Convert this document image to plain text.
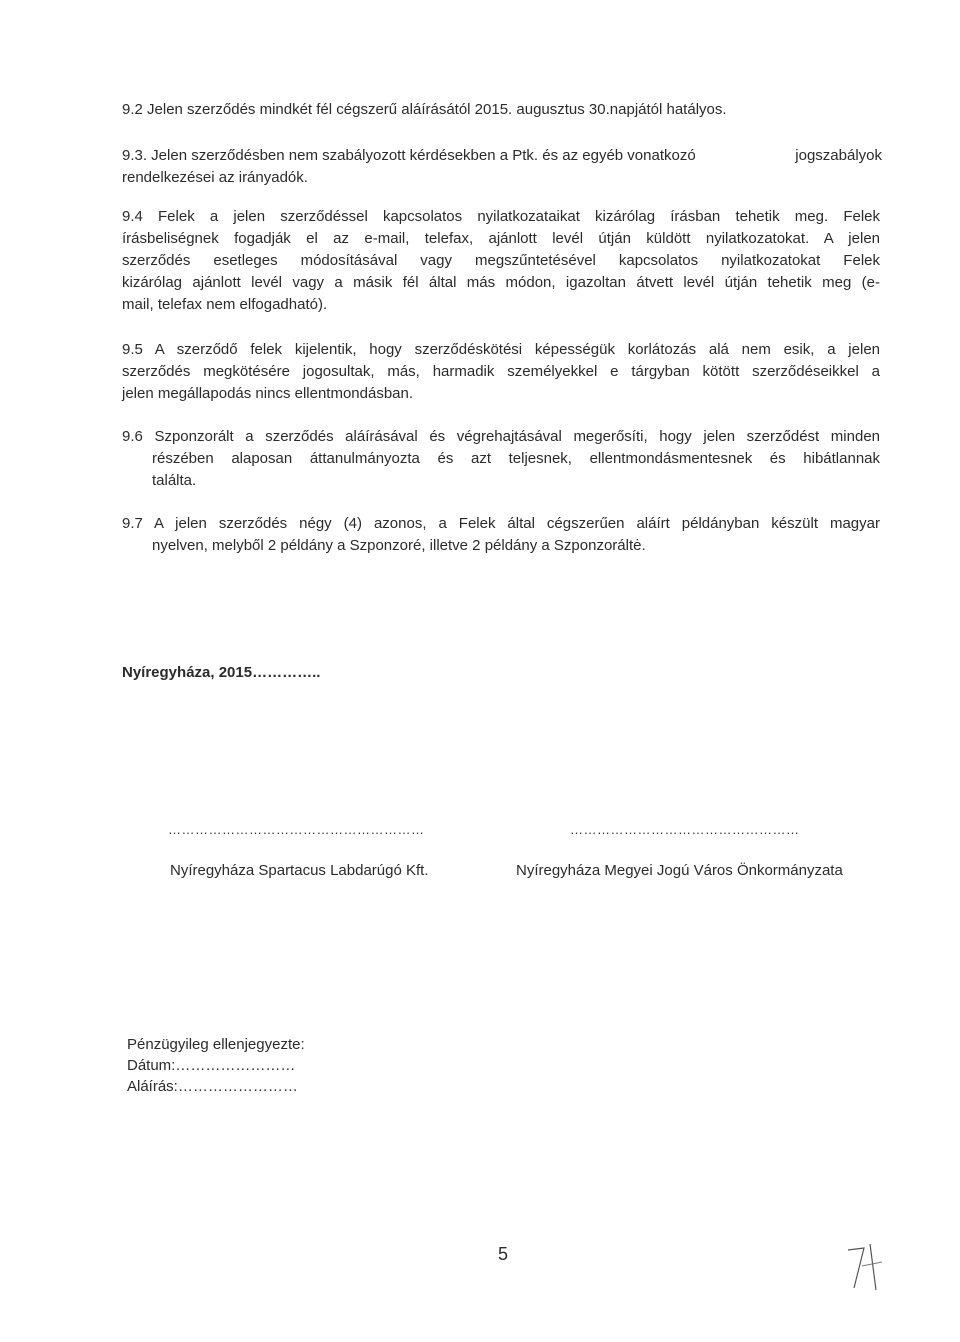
9.2 Jelen szerződés mindkét fél cégszerű aláírásától 2015. augusztus 30.napjától hatályos.
9.3. Jelen szerződésben nem szabályozott kérdésekben a Ptk. és az egyéb vonatkozó	jogszabályok
rendelkezései az irányadók.
9.4 Felek a jelen szerződéssel kapcsolatos nyilatkozataikat kizárólag írásban tehetik meg. Felek
írásbeliségnek fogadják el az e-mail, telefax, ajánlott levél útján küldött nyilatkozatokat. A jelen
szerződés esetleges módosításával vagy megszűntetésével kapcsolatos nyilatkozatokat Felek
kizárólag ajánlott levél vagy a másik fél által más módon, igazoltan átvett levél útján tehetik meg (e-
mail, telefax nem elfogadható).
9.5 A szerződő felek kijelentik, hogy szerződéskötési képességük korlátozás alá nem esik, a jelen
szerződés megkötésére jogosultak, más, harmadik személyekkel e tárgyban kötött szerződéseikkel a
jelen megállapodás nincs ellentmondásban.
9.6 Szponzorált a szerződés aláírásával és végrehajtásával megerősíti, hogy jelen szerződést minden
részében alaposan áttanulmányozta és azt teljesnek, ellentmondásmentesnek és hibátlannak
találta.
9.7 A jelen szerződés négy (4) azonos, a Felek által cégszerűen aláírt példányban készült magyar
nyelven, melyből 2 példány a Szponzoré, illetve 2 példány a Szponzoráltė.
Nyíregyháza, 2015…………..
…………………………………………………	……………………………………………
Nyíregyháza Spartacus Labdarúgó Kft.	Nyíregyháza Megyei Jogú Város Önkormányzata
Pénzügyileg ellenjegyezte:
Dátum:……………………
Aláírás:……………………
5
